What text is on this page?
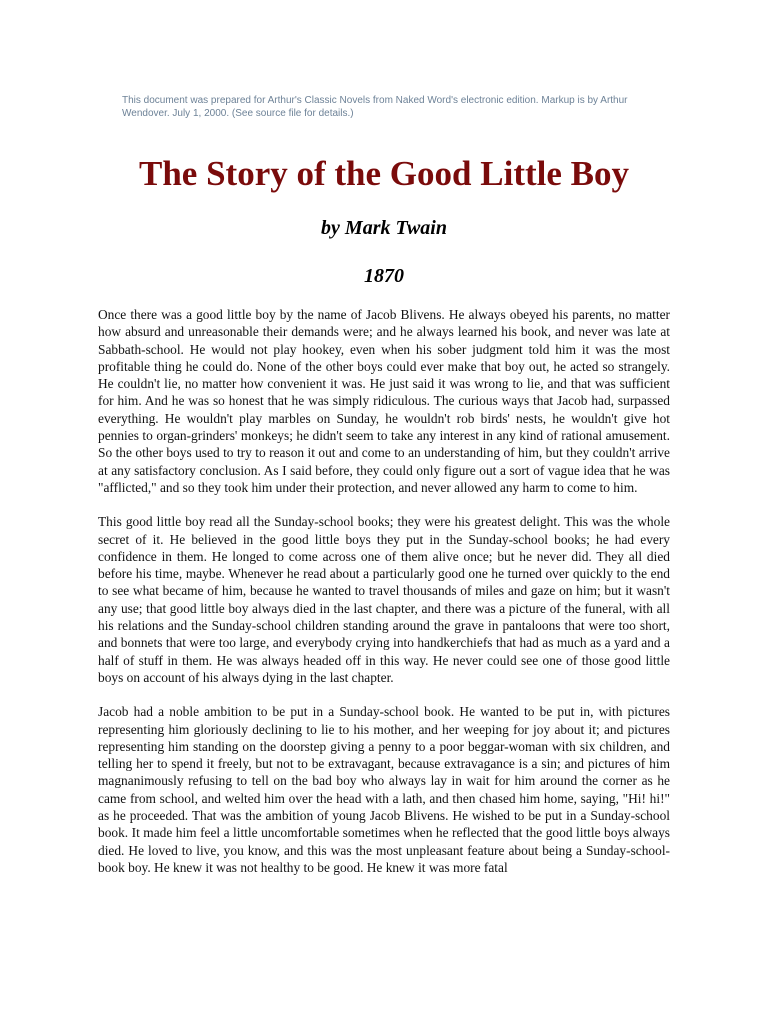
This document was prepared for Arthur's Classic Novels from Naked Word's electronic edition. Markup is by Arthur Wendover. July 1, 2000. (See source file for details.)
The Story of the Good Little Boy
by Mark Twain
1870

Once there was a good little boy by the name of Jacob Blivens. He always obeyed his parents, no matter how absurd and unreasonable their demands were; and he always learned his book, and never was late at Sabbath-school. He would not play hookey, even when his sober judgment told him it was the most profitable thing he could do. None of the other boys could ever make that boy out, he acted so strangely. He couldn't lie, no matter how convenient it was. He just said it was wrong to lie, and that was sufficient for him. And he was so honest that he was simply ridiculous. The curious ways that Jacob had, surpassed everything. He wouldn't play marbles on Sunday, he wouldn't rob birds' nests, he wouldn't give hot pennies to organ-grinders' monkeys; he didn't seem to take any interest in any kind of rational amusement. So the other boys used to try to reason it out and come to an understanding of him, but they couldn't arrive at any satisfactory conclusion. As I said before, they could only figure out a sort of vague idea that he was "afflicted," and so they took him under their protection, and never allowed any harm to come to him.

This good little boy read all the Sunday-school books; they were his greatest delight. This was the whole secret of it. He believed in the good little boys they put in the Sunday-school books; he had every confidence in them. He longed to come across one of them alive once; but he never did. They all died before his time, maybe. Whenever he read about a particularly good one he turned over quickly to the end to see what became of him, because he wanted to travel thousands of miles and gaze on him; but it wasn't any use; that good little boy always died in the last chapter, and there was a picture of the funeral, with all his relations and the Sunday-school children standing around the grave in pantaloons that were too short, and bonnets that were too large, and everybody crying into handkerchiefs that had as much as a yard and a half of stuff in them. He was always headed off in this way. He never could see one of those good little boys on account of his always dying in the last chapter.

Jacob had a noble ambition to be put in a Sunday-school book. He wanted to be put in, with pictures representing him gloriously declining to lie to his mother, and her weeping for joy about it; and pictures representing him standing on the doorstep giving a penny to a poor beggar-woman with six children, and telling her to spend it freely, but not to be extravagant, because extravagance is a sin; and pictures of him magnanimously refusing to tell on the bad boy who always lay in wait for him around the corner as he came from school, and welted him over the head with a lath, and then chased him home, saying, "Hi! hi!" as he proceeded. That was the ambition of young Jacob Blivens. He wished to be put in a Sunday-school book. It made him feel a little uncomfortable sometimes when he reflected that the good little boys always died. He loved to live, you know, and this was the most unpleasant feature about being a Sunday-school-book boy. He knew it was not healthy to be good. He knew it was more fatal
